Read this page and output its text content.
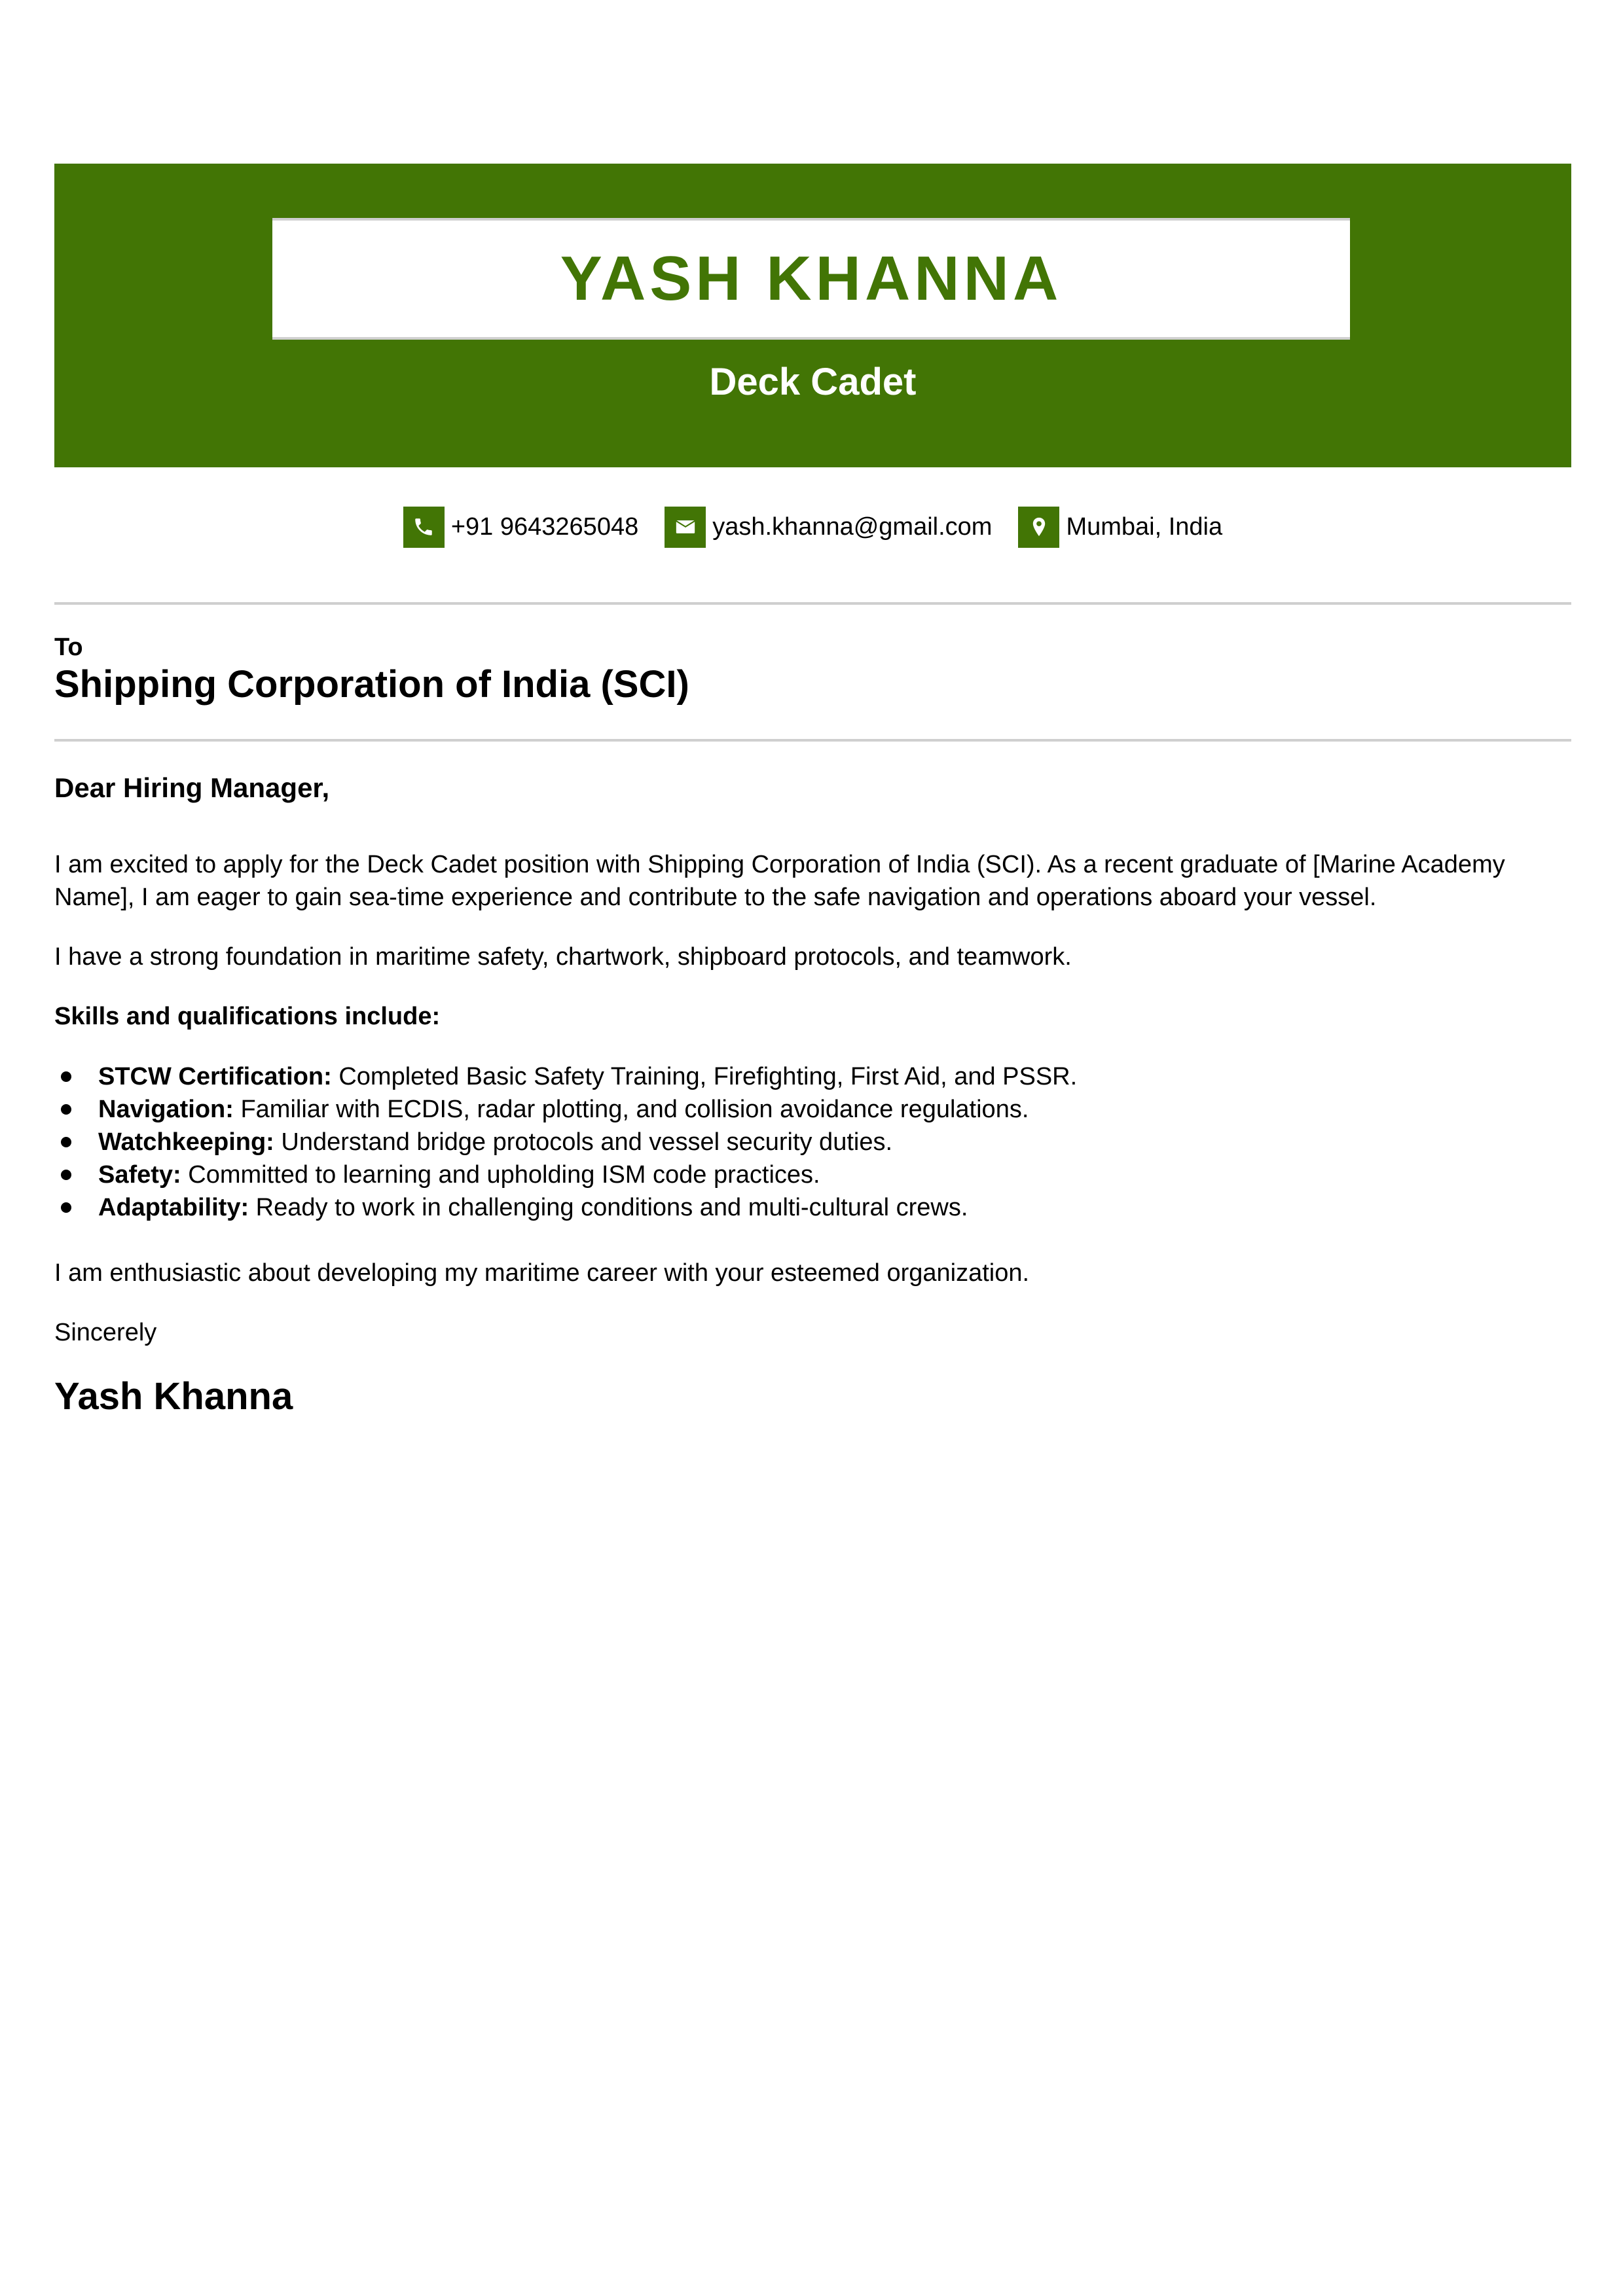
YASH KHANNA
Deck Cadet
+91 9643265048	yash.khanna@gmail.com	Mumbai, India
To
Shipping Corporation of India (SCI)
Dear Hiring Manager,
I am excited to apply for the Deck Cadet position with Shipping Corporation of India (SCI). As a recent graduate of [Marine Academy Name], I am eager to gain sea-time experience and contribute to the safe navigation and operations aboard your vessel.
I have a strong foundation in maritime safety, chartwork, shipboard protocols, and teamwork.
Skills and qualifications include:
STCW Certification: Completed Basic Safety Training, Firefighting, First Aid, and PSSR.
Navigation: Familiar with ECDIS, radar plotting, and collision avoidance regulations.
Watchkeeping: Understand bridge protocols and vessel security duties.
Safety: Committed to learning and upholding ISM code practices.
Adaptability: Ready to work in challenging conditions and multi-cultural crews.
I am enthusiastic about developing my maritime career with your esteemed organization.
Sincerely
Yash Khanna
